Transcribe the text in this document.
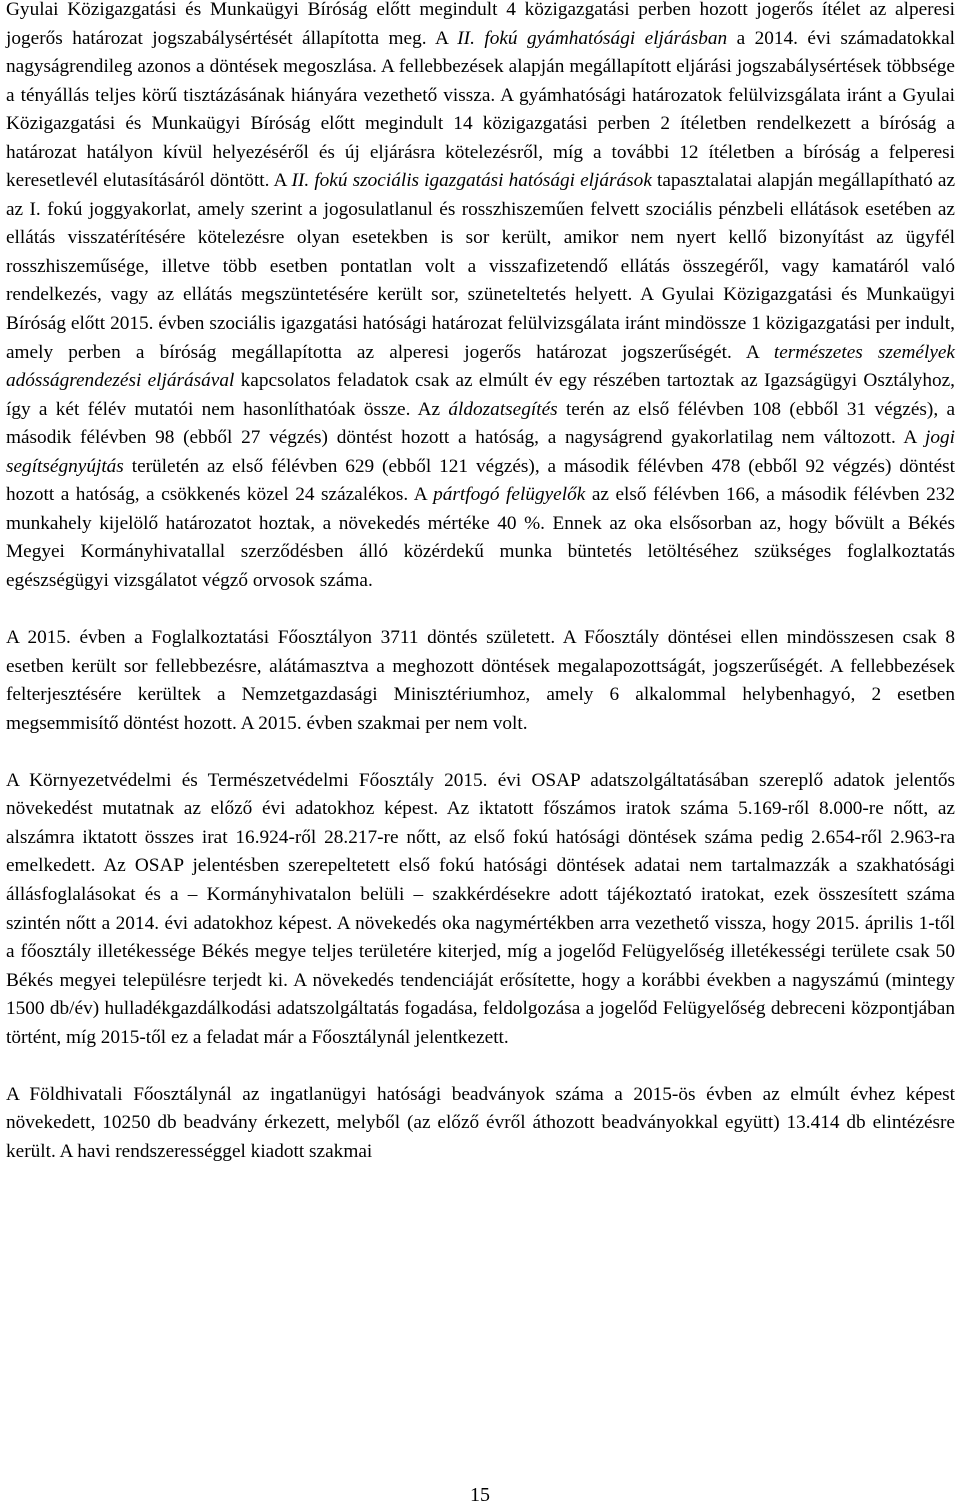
Gyulai Közigazgatási és Munkaügyi Bíróság előtt megindult 4 közigazgatási perben hozott jogerős ítélet az alperesi jogerős határozat jogszabálysértését állapította meg. A II. fokú gyámhatósági eljárásban a 2014. évi számadatokkal nagyságrendileg azonos a döntések megoszlása. A fellebbezések alapján megállapított eljárási jogszabálysértések többsége a tényállás teljes körű tisztázásának hiányára vezethető vissza. A gyámhatósági határozatok felülvizsgálata iránt a Gyulai Közigazgatási és Munkaügyi Bíróság előtt megindult 14 közigazgatási perben 2 ítéletben rendelkezett a bíróság a határozat hatályon kívül helyezéséről és új eljárásra kötelezésről, míg a további 12 ítéletben a bíróság a felperesi keresetlevél elutasításáról döntött. A II. fokú szociális igazgatási hatósági eljárások tapasztalatai alapján megállapítható az az I. fokú joggyakorlat, amely szerint a jogosulatlanul és rosszhiszeműen felvett szociális pénzbeli ellátások esetében az ellátás visszatérítésére kötelezésre olyan esetekben is sor került, amikor nem nyert kellő bizonyítást az ügyfél rosszhiszeműsége, illetve több esetben pontatlan volt a visszafizetendő ellátás összegéről, vagy kamatáról való rendelkezés, vagy az ellátás megszüntetésére került sor, szüneteltetés helyett. A Gyulai Közigazgatási és Munkaügyi Bíróság előtt 2015. évben szociális igazgatási hatósági határozat felülvizsgálata iránt mindössze 1 közigazgatási per indult, amely perben a bíróság megállapította az alperesi jogerős határozat jogszerűségét. A természetes személyek adósságrendezési eljárásával kapcsolatos feladatok csak az elmúlt év egy részében tartoztak az Igazságügyi Osztályhoz, így a két félév mutatói nem hasonlíthatóak össze. Az áldozatsegítés terén az első félévben 108 (ebből 31 végzés), a második félévben 98 (ebből 27 végzés) döntést hozott a hatóság, a nagyságrend gyakorlatilag nem változott. A jogi segítségnyújtás területén az első félévben 629 (ebből 121 végzés), a második félévben 478 (ebből 92 végzés) döntést hozott a hatóság, a csökkenés közel 24 százalékos. A pártfogó felügyelők az első félévben 166, a második félévben 232 munkahely kijelölő határozatot hoztak, a növekedés mértéke 40 %. Ennek az oka elsősorban az, hogy bővült a Békés Megyei Kormányhivatallal szerződésben álló közérdekű munka büntetés letöltéséhez szükséges foglalkoztatás egészségügyi vizsgálatot végző orvosok száma.

A 2015. évben a Foglalkoztatási Főosztályon 3711 döntés született. A Főosztály döntései ellen mindösszesen csak 8 esetben került sor fellebbezésre, alátámasztva a meghozott döntések megalapozottságát, jogszerűségét. A fellebbezések felterjesztésére kerültek a Nemzetgazdasági Minisztériumhoz, amely 6 alkalommal helybenhagyó, 2 esetben megsemmisítő döntést hozott. A 2015. évben szakmai per nem volt.

A Környezetvédelmi és Természetvédelmi Főosztály 2015. évi OSAP adatszolgáltatásában szereplő adatok jelentős növekedést mutatnak az előző évi adatokhoz képest. Az iktatott főszámos iratok száma 5.169-ről 8.000-re nőtt, az alszámra iktatott összes irat 16.924-ről 28.217-re nőtt, az első fokú hatósági döntések száma pedig 2.654-ről 2.963-ra emelkedett. Az OSAP jelentésben szerepeltetett első fokú hatósági döntések adatai nem tartalmazzák a szakhatósági állásfoglalásokat és a – Kormányhivatalon belüli – szakkérdésekre adott tájékoztató iratokat, ezek összesített száma szintén nőtt a 2014. évi adatokhoz képest. A növekedés oka nagymértékben arra vezethető vissza, hogy 2015. április 1-től a főosztály illetékessége Békés megye teljes területére kiterjed, míg a jogelőd Felügyelőség illetékességi területe csak 50 Békés megyei településre terjedt ki. A növekedés tendenciáját erősítette, hogy a korábbi években a nagyszámú (mintegy 1500 db/év) hulladékgazdálkodási adatszolgáltatás fogadása, feldolgozása a jogelőd Felügyelőség debreceni központjában történt, míg 2015-től ez a feladat már a Főosztálynál jelentkezett.

A Földhivatali Főosztálynál az ingatlanügyi hatósági beadványok száma a 2015-ös évben az elmúlt évhez képest növekedett, 10250 db beadvány érkezett, melyből (az előző évről áthozott beadványokkal együtt) 13.414 db elintézésre került. A havi rendszerességgel kiadott szakmai

15
